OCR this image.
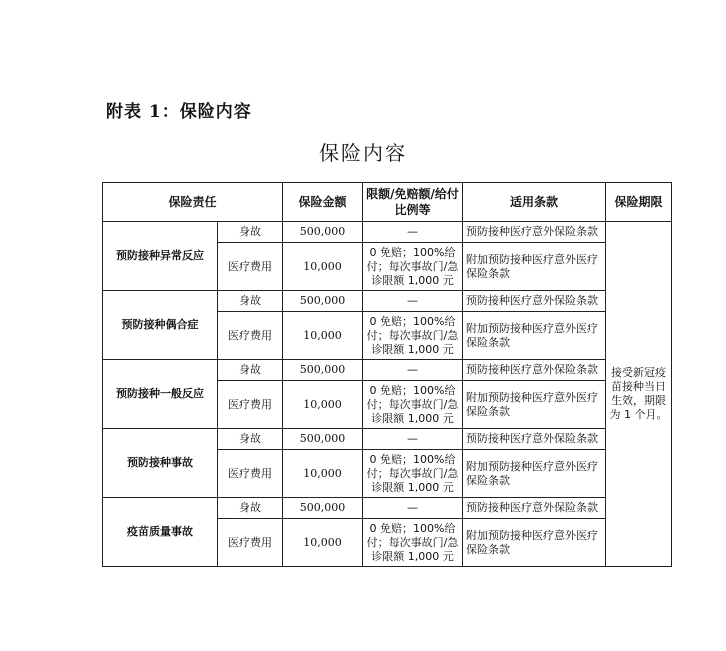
附表 1：保险内容
保险内容
保险责任		保险金额	限额/免赔额/给付比例等	适用条款	保险期限
预防接种异常反应	身故	500,000	—	预防接种医疗意外保险条款	接受新冠疫苗接种当日生效，期限为 1 个月。
	医疗费用	10,000	0 免赔；100%给付；每次事故门/急诊限额 1,000 元	附加预防接种医疗意外医疗保险条款	
预防接种偶合症	身故	500,000	—	预防接种医疗意外保险条款	
	医疗费用	10,000	0 免赔；100%给付；每次事故门/急诊限额 1,000 元	附加预防接种医疗意外医疗保险条款	
预防接种一般反应	身故	500,000	—	预防接种医疗意外保险条款	
	医疗费用	10,000	0 免赔；100%给付；每次事故门/急诊限额 1,000 元	附加预防接种医疗意外医疗保险条款	
预防接种事故	身故	500,000	—	预防接种医疗意外保险条款	
	医疗费用	10,000	0 免赔；100%给付；每次事故门/急诊限额 1,000 元	附加预防接种医疗意外医疗保险条款	
疫苗质量事故	身故	500,000	—	预防接种医疗意外保险条款	
	医疗费用	10,000	0 免赔；100%给付；每次事故门/急诊限额 1,000 元	附加预防接种医疗意外医疗保险条款	
